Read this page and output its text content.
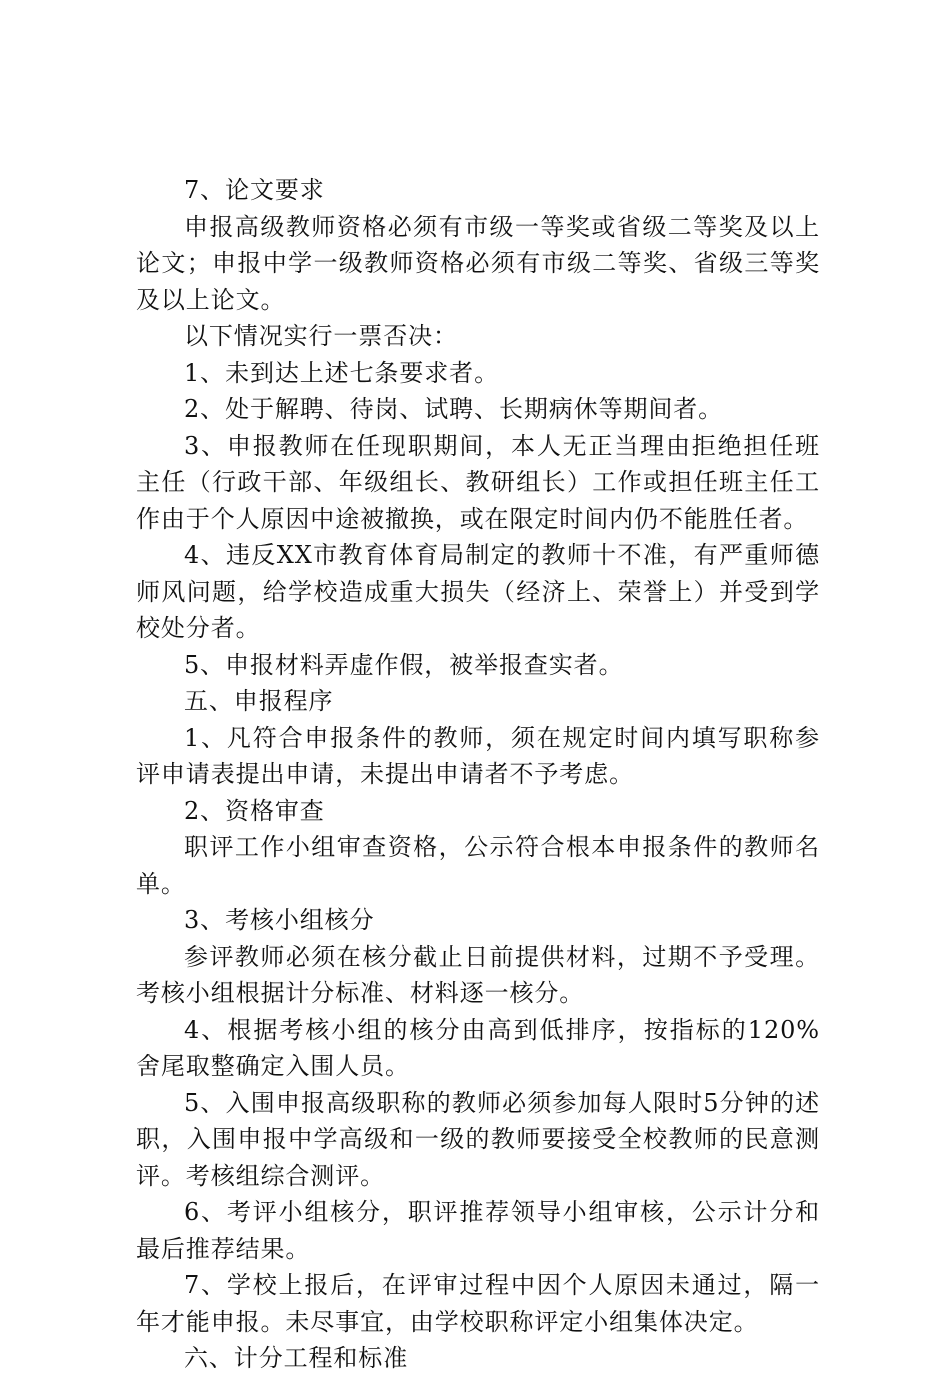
7、论文要求

申报高级教师资格必须有市级一等奖或省级二等奖及以上论文；申报中学一级教师资格必须有市级二等奖、省级三等奖及以上论文。

以下情况实行一票否决：

1、未到达上述七条要求者。

2、处于解聘、待岗、试聘、长期病休等期间者。

3、申报教师在任现职期间，本人无正当理由拒绝担任班主任（行政干部、年级组长、教研组长）工作或担任班主任工作由于个人原因中途被撤换，或在限定时间内仍不能胜任者。

4、违反XX市教育体育局制定的教师十不准，有严重师德师风问题，给学校造成重大损失（经济上、荣誉上）并受到学校处分者。

5、申报材料弄虚作假，被举报查实者。

五、申报程序

1、凡符合申报条件的教师，须在规定时间内填写职称参评申请表提出申请，未提出申请者不予考虑。

2、资格审查

职评工作小组审查资格，公示符合根本申报条件的教师名单。

3、考核小组核分

参评教师必须在核分截止日前提供材料，过期不予受理。考核小组根据计分标准、材料逐一核分。

4、根据考核小组的核分由高到低排序，按指标的120%舍尾取整确定入围人员。

5、入围申报高级职称的教师必须参加每人限时5分钟的述职，入围申报中学高级和一级的教师要接受全校教师的民意测评。考核组综合测评。

6、考评小组核分，职评推荐领导小组审核，公示计分和最后推荐结果。

7、学校上报后，在评审过程中因个人原因未通过，隔一年才能申报。未尽事宜，由学校职称评定小组集体决定。

六、计分工程和标准
